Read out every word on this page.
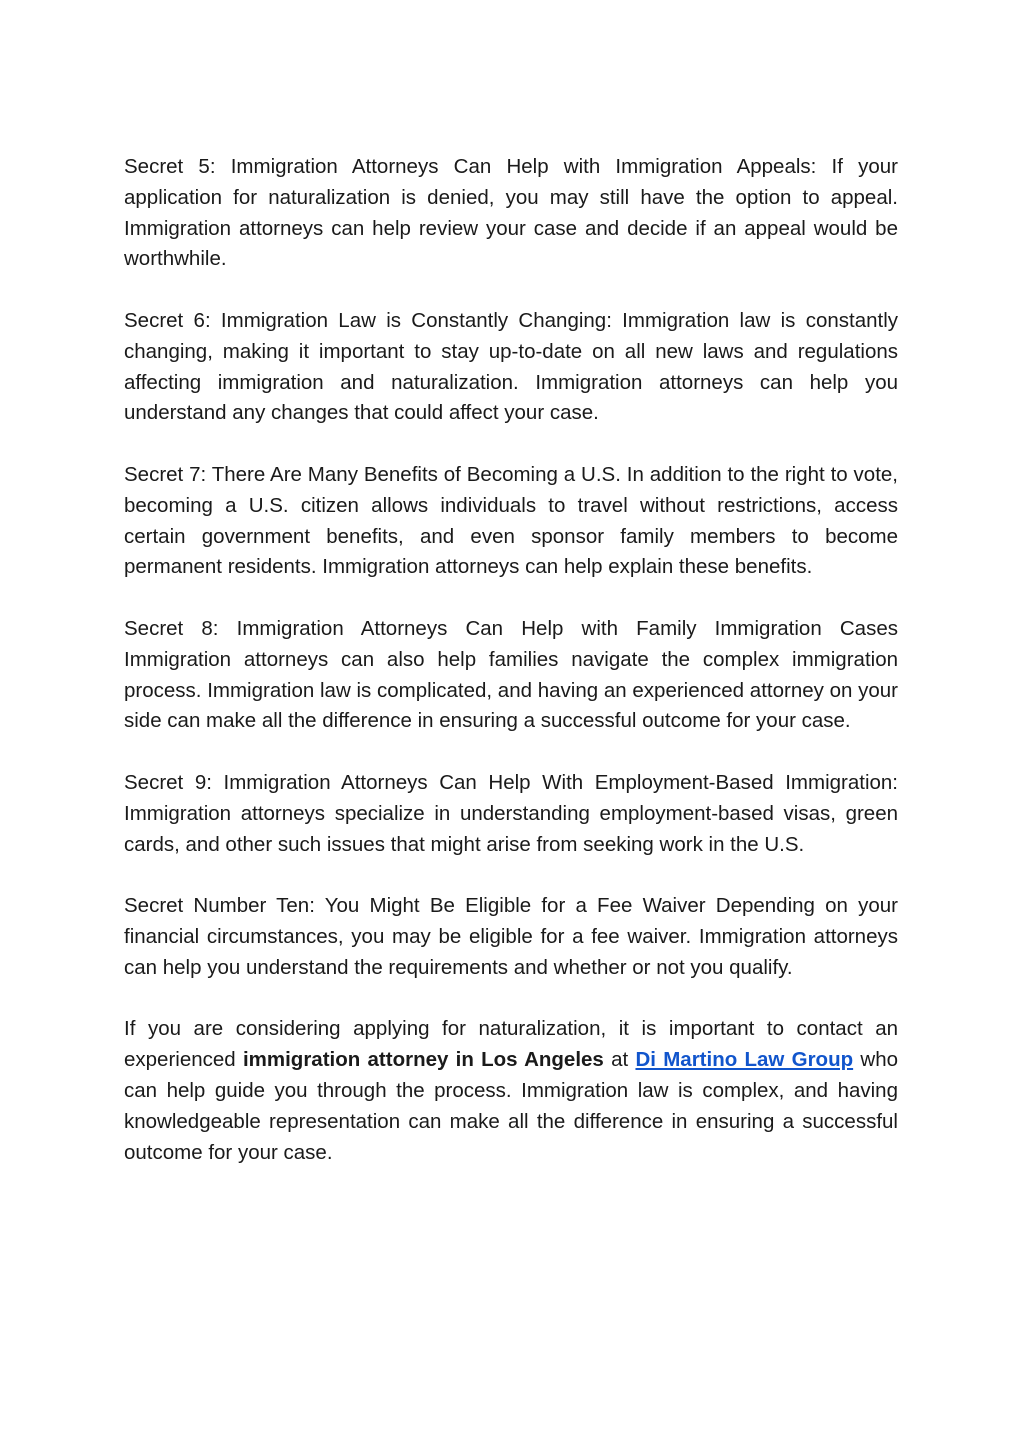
Secret 5: Immigration Attorneys Can Help with Immigration Appeals: If your application for naturalization is denied, you may still have the option to appeal. Immigration attorneys can help review your case and decide if an appeal would be worthwhile.

Secret 6: Immigration Law is Constantly Changing: Immigration law is constantly changing, making it important to stay up-to-date on all new laws and regulations affecting immigration and naturalization. Immigration attorneys can help you understand any changes that could affect your case.

Secret 7: There Are Many Benefits of Becoming a U.S. In addition to the right to vote, becoming a U.S. citizen allows individuals to travel without restrictions, access certain government benefits, and even sponsor family members to become permanent residents. Immigration attorneys can help explain these benefits.

Secret 8: Immigration Attorneys Can Help with Family Immigration Cases Immigration attorneys can also help families navigate the complex immigration process. Immigration law is complicated, and having an experienced attorney on your side can make all the difference in ensuring a successful outcome for your case.

Secret 9: Immigration Attorneys Can Help With Employment-Based Immigration: Immigration attorneys specialize in understanding employment-based visas, green cards, and other such issues that might arise from seeking work in the U.S.

Secret Number Ten: You Might Be Eligible for a Fee Waiver Depending on your financial circumstances, you may be eligible for a fee waiver. Immigration attorneys can help you understand the requirements and whether or not you qualify.

If you are considering applying for naturalization, it is important to contact an experienced immigration attorney in Los Angeles at Di Martino Law Group who can help guide you through the process. Immigration law is complex, and having knowledgeable representation can make all the difference in ensuring a successful outcome for your case.
